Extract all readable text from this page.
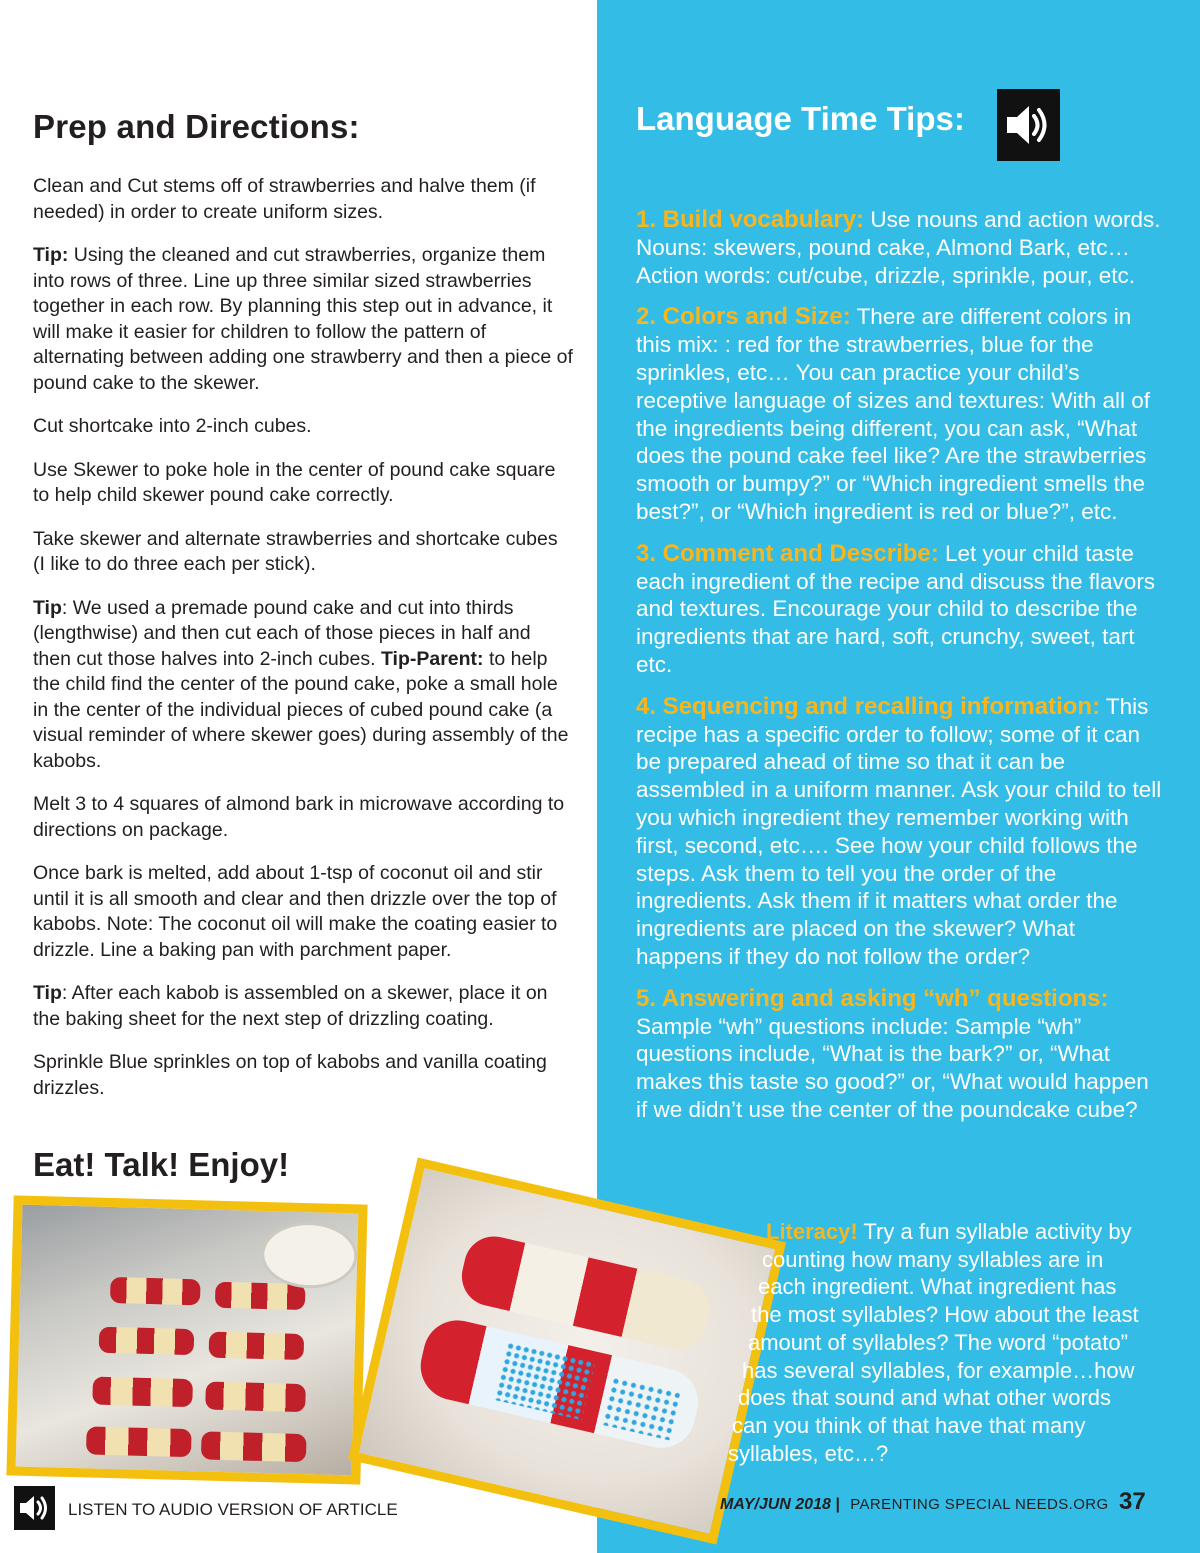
Prep and Directions:

Clean and Cut stems off of strawberries and halve them (if needed) in order to create uniform sizes.

Tip: Using the cleaned and cut strawberries, organize them into rows of three. Line up three similar sized strawberries together in each row. By planning this step out in advance, it will make it easier for children to follow the pattern of alternating between adding one strawberry and then a piece of pound cake to the skewer.

Cut shortcake into 2-inch cubes.

Use Skewer to poke hole in the center of pound cake square to help child skewer pound cake correctly.

Take skewer and alternate strawberries and shortcake cubes (I like to do three each per stick).

Tip: We used a premade pound cake and cut into thirds (lengthwise) and then cut each of those pieces in half and then cut those halves into 2-inch cubes. Tip-Parent: to help the child find the center of the pound cake, poke a small hole in the center of the individual pieces of cubed pound cake (a visual reminder of where skewer goes) during assembly of the kabobs.

Melt 3 to 4 squares of almond bark in microwave according to directions on package.

Once bark is melted, add about 1-tsp of coconut oil and stir until it is all smooth and clear and then drizzle over the top of kabobs. Note: The coconut oil will make the coating easier to drizzle. Line a baking pan with parchment paper.

Tip: After each kabob is assembled on a skewer, place it on the baking sheet for the next step of drizzling coating.

Sprinkle Blue sprinkles on top of kabobs and vanilla coating drizzles.

Eat! Talk! Enjoy!
Language Time Tips:

1. Build vocabulary: Use nouns and action words. Nouns: skewers, pound cake, Almond Bark, etc…Action words: cut/cube, drizzle, sprinkle, pour, etc.

2. Colors and Size: There are different colors in this mix: : red for the strawberries, blue for the sprinkles, etc… You can practice your child’s receptive language of sizes and textures: With all of the ingredients being different, you can ask, “What does the pound cake feel like? Are the strawberries smooth or bumpy?” or “Which ingredient smells the best?”, or “Which ingredient is red or blue?”, etc.

3. Comment and Describe: Let your child taste each ingredient of the recipe and discuss the flavors and textures. Encourage your child to describe the ingredients that are hard, soft, crunchy, sweet, tart etc.

4. Sequencing and recalling information: This recipe has a specific order to follow; some of it can be prepared ahead of time so that it can be assembled in a uniform manner. Ask your child to tell you which ingredient they remember working with first, second, etc…. See how your child follows the steps. Ask them to tell you the order of the ingredients. Ask them if it matters what order the ingredients are placed on the skewer? What happens if they do not follow the order?

5. Answering and asking “wh” questions: Sample “wh” questions include: Sample “wh” questions include, “What is the bark?” or, “What makes this taste so good?” or, “What would happen if we didn’t use the center of the poundcake cube?

Literacy! Try a fun syllable activity by
counting how many syllables are in
each ingredient. What ingredient has
the most syllables? How about the least
amount of syllables? The word “potato”
has several syllables, for example…how
does that sound and what other words
can you think of that have that many
syllables, etc…?
LISTEN TO AUDIO VERSION OF ARTICLE	MAY/JUN 2018 | PARENTING SPECIAL NEEDS.ORG 37
